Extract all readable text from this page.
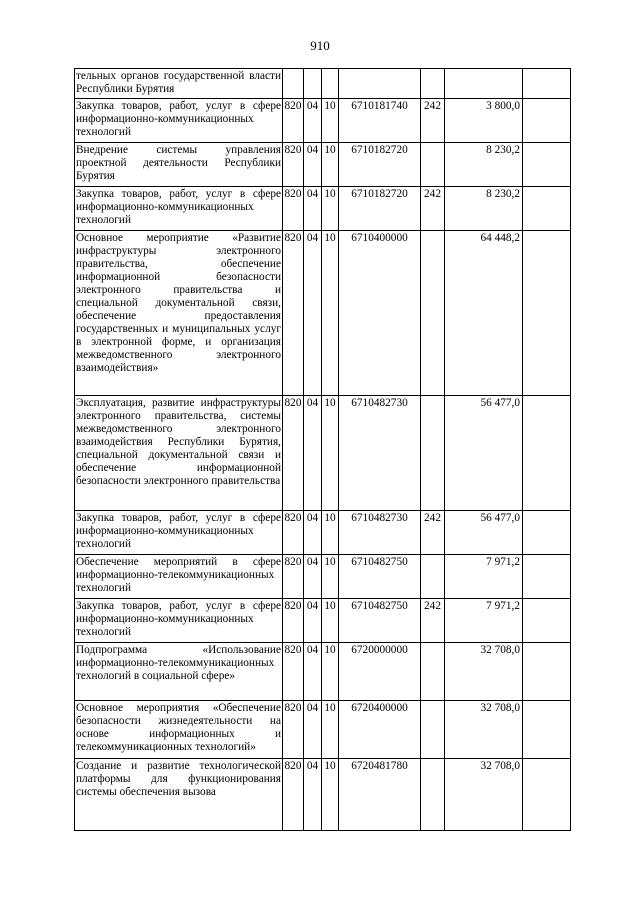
910
тельных органов государственной власти Республики Бурятия							
Закупка товаров, работ, услуг в сфере информационно-коммуникационных технологий	820	04	10	6710181740	242	3 800,0	
Внедрение системы управления проектной деятельности Республики Бурятия	820	04	10	6710182720		8 230,2	
Закупка товаров, работ, услуг в сфере информационно-коммуникационных технологий	820	04	10	6710182720	242	8 230,2	
Основное мероприятие «Развитие инфраструктуры электронного правительства, обеспечение информационной безопасности электронного правительства и специальной документальной связи, обеспечение предоставления государственных и муниципальных услуг в электронной форме, и организация межведомственного электронного взаимодействия»	820	04	10	6710400000		64 448,2	
Эксплуатация, развитие инфраструктуры электронного правительства, системы межведомственного электронного взаимодействия Республики Бурятия, специальной документальной связи и обеспечение информационной безопасности электронного правительства	820	04	10	6710482730		56 477,0	
Закупка товаров, работ, услуг в сфере информационно-коммуникационных технологий	820	04	10	6710482730	242	56 477,0	
Обеспечение мероприятий в сфере информационно-телекоммуникационных технологий	820	04	10	6710482750		7 971,2	
Закупка товаров, работ, услуг в сфере информационно-коммуникационных технологий	820	04	10	6710482750	242	7 971,2	
Подпрограмма «Использование информационно-телекоммуникационных технологий в социальной сфере»	820	04	10	6720000000		32 708,0	
Основное мероприятия «Обеспечение безопасности жизнедеятельности на основе информационных и телекоммуникационных технологий»	820	04	10	6720400000		32 708,0	
Создание и развитие технологической платформы для функционирования системы обеспечения вызова	820	04	10	6720481780		32 708,0	
